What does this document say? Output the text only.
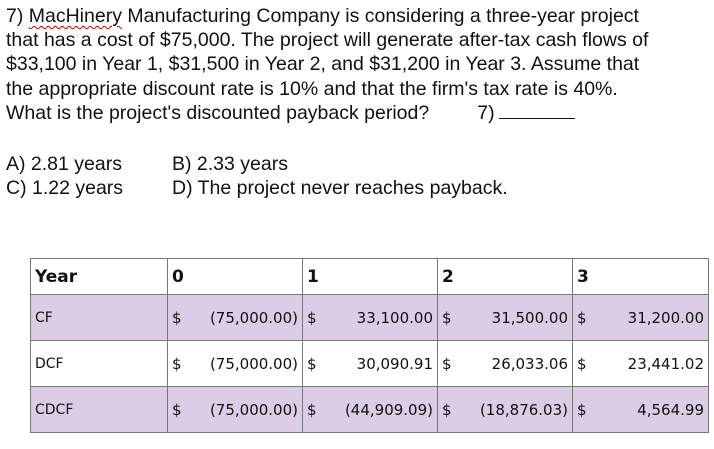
7) MacHinery Manufacturing Company is considering a three-year project

that has a cost of $75,000. The project will generate after-tax cash flows of

$33,100 in Year 1, $31,500 in Year 2, and $31,200 in Year 3. Assume that

the appropriate discount rate is 10% and that the firm's tax rate is 40%.

What is the project's discounted payback period? 7)

A) 2.81 years	B) 2.33 years
C) 1.22 years	D) The project never reaches payback.
Year	0	1	2	3
CF	$ (75,000.00)	$ 33,100.00	$ 31,500.00	$ 31,200.00

DCF	$ (75,000.00)	$ 30,090.91	$ 26,033.06	$ 23,441.02

CDCF	$ (75,000.00)	$ (44,909.09)	$ (18,876.03)	$ 4,564.99
